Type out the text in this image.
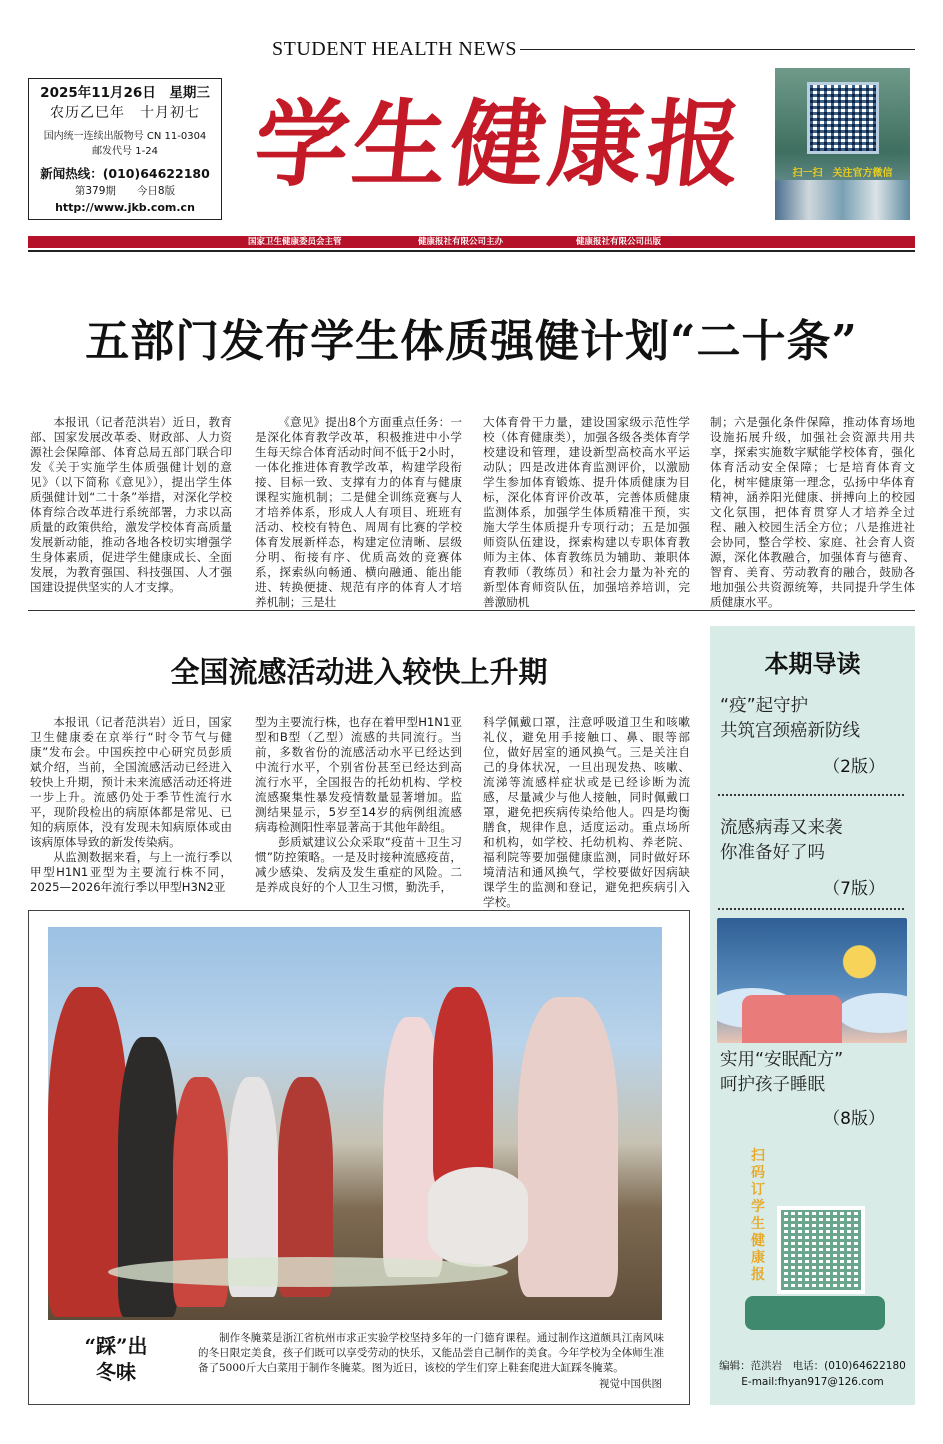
STUDENT HEALTH NEWS
2025年11月26日　星期三
农历乙巳年　十月初七
国内统一连续出版物号 CN 11-0304
邮发代号 1-24
新闻热线：(010)64622180
第379期　　今日8版
http://www.jkb.com.cn
学生健康报	扫一扫　关注官方微信
国家卫生健康委员会主管	健康报社有限公司主办	健康报社有限公司出版
五部门发布学生体质强健计划“二十条”

本报讯（记者范洪岩）近日，教育部、国家发展改革委、财政部、人力资源社会保障部、体育总局五部门联合印发《关于实施学生体质强健计划的意见》（以下简称《意见》），提出学生体质强健计划“二十条”举措，对深化学校体育综合改革进行系统部署，力求以高质量的政策供给，激发学校体育高质量发展新动能，推动各地各校切实增强学生身体素质，促进学生健康成长、全面发展，为教育强国、科技强国、人才强国建设提供坚实的人才支撑。

《意见》提出8个方面重点任务：一是深化体育教学改革，积极推进中小学生每天综合体育活动时间不低于2小时，一体化推进体育教学改革，构建学段衔接、目标一致、支撑有力的体育与健康课程实施机制；二是健全训练竞赛与人才培养体系，形成人人有项目、班班有活动、校校有特色、周周有比赛的学校体育发展新样态，构建定位清晰、层级分明、衔接有序、优质高效的竞赛体系，探索纵向畅通、横向融通、能出能进、转换便捷、规范有序的体育人才培养机制；三是壮

大体育骨干力量，建设国家级示范性学校（体育健康类），加强各级各类体育学校建设和管理，建设新型高校高水平运动队；四是改进体育监测评价，以激励学生参加体育锻炼、提升体质健康为目标，深化体育评价改革，完善体质健康监测体系，加强学生体质精准干预，实施大学生体质提升专项行动；五是加强师资队伍建设，探索构建以专职体育教师为主体、体育教练员为辅助、兼职体育教师（教练员）和社会力量为补充的新型体育师资队伍，加强培养培训，完善激励机

制；六是强化条件保障，推动体育场地设施拓展升级，加强社会资源共用共享，探索实施数字赋能学校体育，强化体育活动安全保障；七是培育体育文化，树牢健康第一理念，弘扬中华体育精神，涵养阳光健康、拼搏向上的校园文化氛围，把体育贯穿人才培养全过程、融入校园生活全方位；八是推进社会协同，整合学校、家庭、社会育人资源，深化体教融合，加强体育与德育、智育、美育、劳动教育的融合，鼓励各地加强公共资源统筹，共同提升学生体质健康水平。

全国流感活动进入较快上升期

本报讯（记者范洪岩）近日，国家卫生健康委在京举行“时令节气与健康”发布会。中国疾控中心研究员彭质斌介绍，当前，全国流感活动已经进入较快上升期，预计未来流感活动还将进一步上升。流感仍处于季节性流行水平，现阶段检出的病原体都是常见、已知的病原体，没有发现未知病原体或由该病原体导致的新发传染病。

从监测数据来看，与上一流行季以甲型H1N1亚型为主要流行株不同，2025—2026年流行季以甲型H3N2亚

型为主要流行株，也存在着甲型H1N1亚型和B型（乙型）流感的共同流行。当前，多数省份的流感活动水平已经达到中流行水平，个别省份甚至已经达到高流行水平，全国报告的托幼机构、学校流感聚集性暴发疫情数量显著增加。监测结果显示，5岁至14岁的病例组流感病毒检测阳性率显著高于其他年龄组。

彭质斌建议公众采取“疫苗＋卫生习惯”防控策略。一是及时接种流感疫苗，减少感染、发病及发生重症的风险。二是养成良好的个人卫生习惯，勤洗手，

科学佩戴口罩，注意呼吸道卫生和咳嗽礼仪，避免用手接触口、鼻、眼等部位，做好居室的通风换气。三是关注自己的身体状况，一旦出现发热、咳嗽、流涕等流感样症状或是已经诊断为流感，尽量减少与他人接触，同时佩戴口罩，避免把疾病传染给他人。四是均衡膳食，规律作息，适度运动。重点场所和机构，如学校、托幼机构、养老院、福利院等要加强健康监测，同时做好环境清洁和通风换气，学校要做好因病缺课学生的监测和登记，避免把疾病引入学校。

“踩”出
冬味

制作冬腌菜是浙江省杭州市求正实验学校坚持多年的一门德育课程。通过制作这道颇具江南风味的冬日限定美食，孩子们既可以享受劳动的快乐，又能品尝自己制作的美食。今年学校为全体师生准备了5000斤大白菜用于制作冬腌菜。图为近日，该校的学生们穿上鞋套爬进大缸踩冬腌菜。

视觉中国供图
本期导读
“疫”起守护
共筑宫颈癌新防线
（2版）
流感病毒又来袭
你准备好了吗
（7版）
实用“安眠配方”
呵护孩子睡眠
（8版）
扫码订学生健康报
编辑：范洪岩　电话：(010)64622180
E-mail:fhyan917@126.com
